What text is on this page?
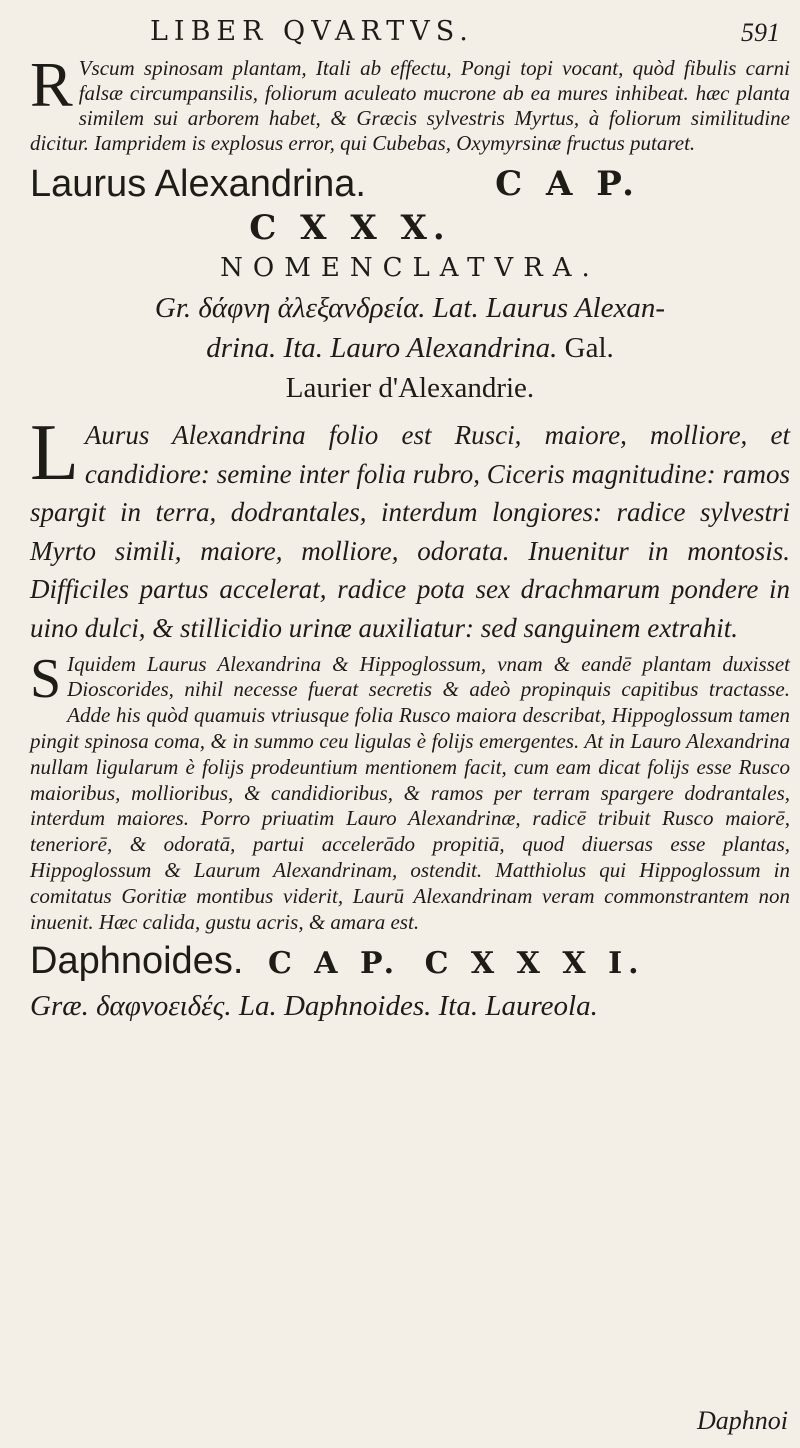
LIBER QVARTVS.	591

R Vscum spinosam plantam, Itali ab effectu, Pongi topi vocant, quòd fibulis carni falsæ circumpansilis, foliorum aculeato mucrone ab ea mures inhibeat. hæc planta similem sui arborem habet, & Græcis sylvestris Myrtus, à foliorum similitudine dicitur. Iampridem is explosus error, qui Cubebas, Oxymyrsinæ fructus putaret.

Laurus Alexandrina.	C A P.
C X X X.
NOMENCLATVRA.
Gr. δάφνη ἀλεξανδρεία. Lat. Laurus Alexan-
drina. Ita. Lauro Alexandrina. Gal.
Laurier d'Alexandrie.

L Aurus Alexandrina folio est Rusci, maiore, molliore, et candidiore: semine inter folia rubro, Ciceris magnitudine: ramos spargit in terra, dodrantales, interdum longiores: radice sylvestri Myrto simili, maiore, molliore, odorata. Inuenitur in montosis. Difficiles partus accelerat, radice pota sex drachmarum pondere in uino dulci, & stillicidio urinæ auxiliatur: sed sanguinem extrahit.

S Iquidem Laurus Alexandrina & Hippoglossum, vnam & eandē plantam duxisset Dioscorides, nihil necesse fuerat secretis & adeò propinquis capitibus tractasse. Adde his quòd quamuis vtriusque folia Rusco maiora describat, Hippoglossum tamen pingit spinosa coma, & in summo ceu ligulas è folijs emergentes. At in Lauro Alexandrina nullam ligularum è folijs prodeuntium mentionem facit, cum eam dicat folijs esse Rusco maioribus, mollioribus, & candidioribus, & ramos per terram spargere dodrantales, interdum maiores. Porro priuatim Lauro Alexandrinæ, radicē tribuit Rusco maiorē, teneriorē, & odoratā, partui accelerādo propitiā, quod diuersas esse plantas, Hippoglossum & Laurum Alexandrinam, ostendit. Matthiolus qui Hippoglossum in comitatus Goritiæ montibus viderit, Laurū Alexandrinam veram commonstrantem non inuenit. Hæc calida, gustu acris, & amara est.

Daphnoides. C A P. C X X X I.
Græ. δαφνοειδές. La. Daphnoides. Ita. Laureola.
Daphnoi
